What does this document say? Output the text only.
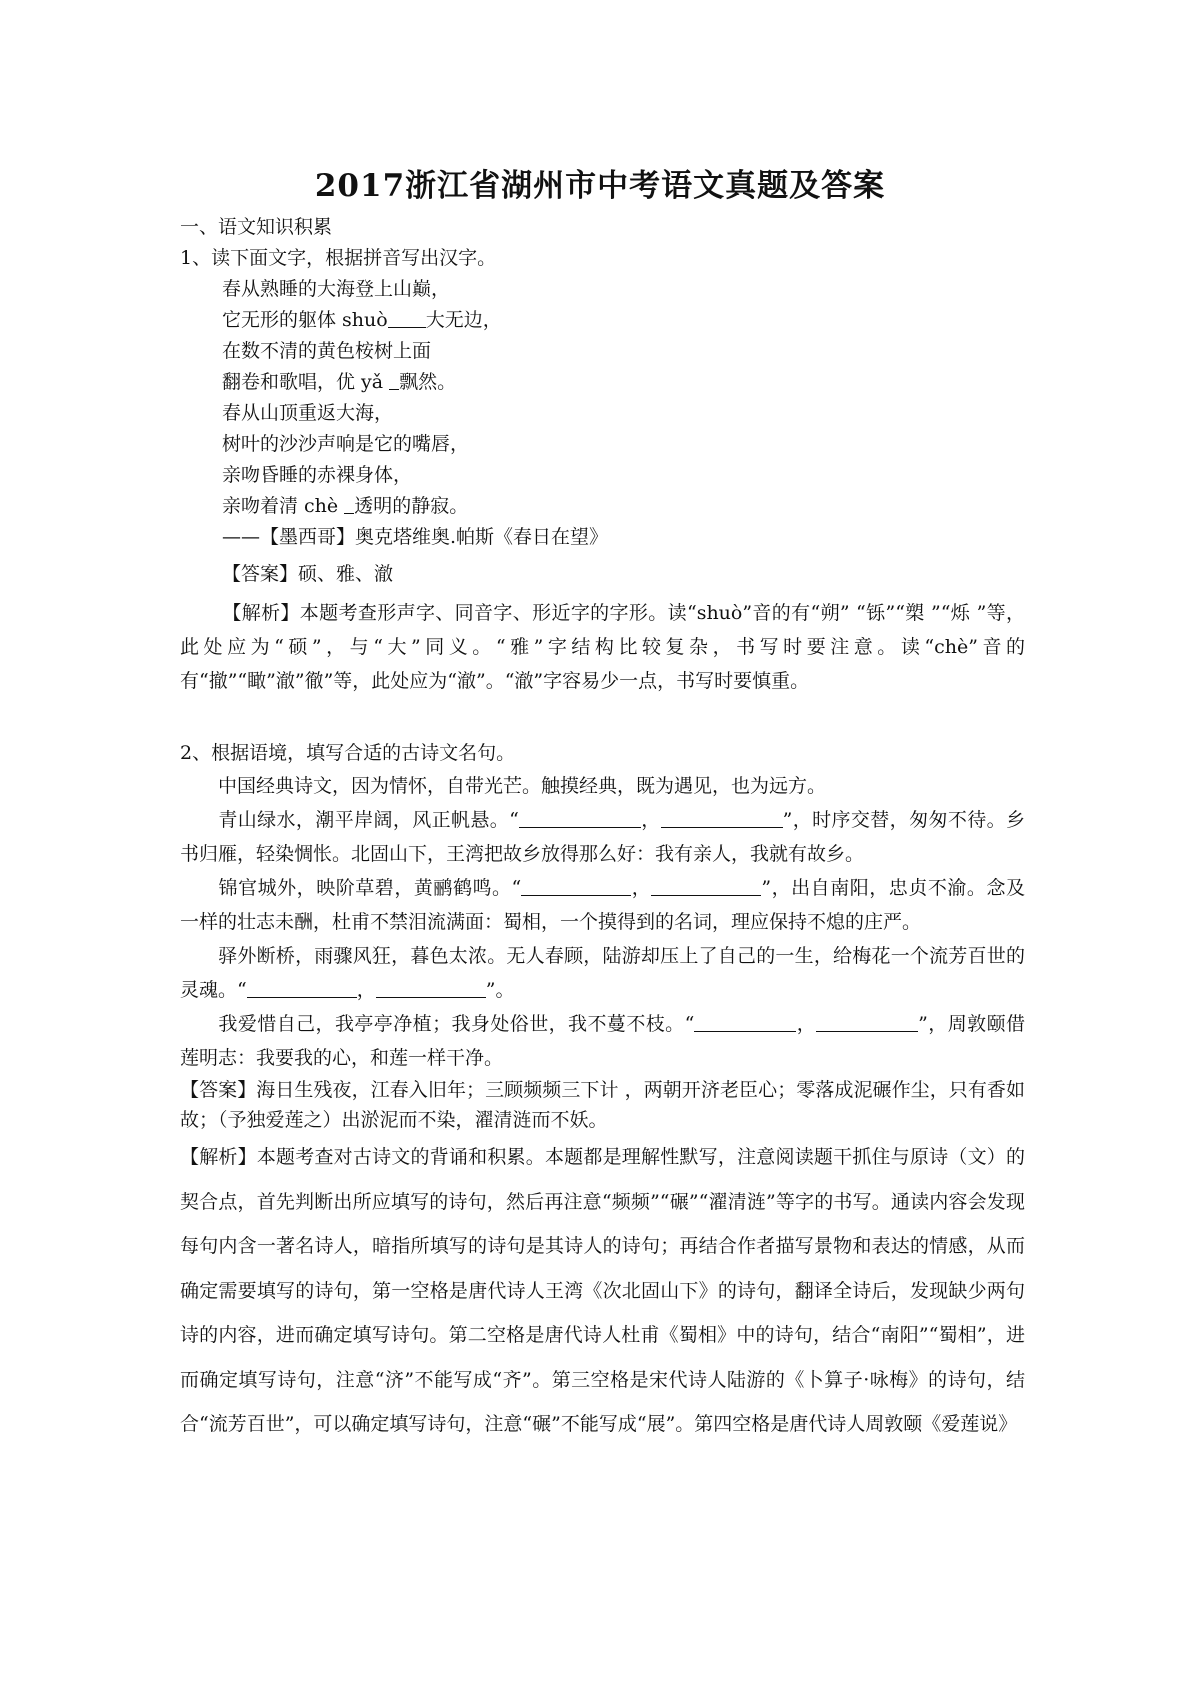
2017浙江省湖州市中考语文真题及答案
一、语文知识积累
1、读下面文字，根据拼音写出汉字。
春从熟睡的大海登上山巅，
它无形的躯体 shuò 大无边，
在数不清的黄色桉树上面
翻卷和歌唱，优 yǎ 飘然。
春从山顶重返大海，
树叶的沙沙声响是它的嘴唇，
亲吻昏睡的赤裸身体，
亲吻着清 chè 透明的静寂。
——【墨西哥】奥克塔维奥.帕斯《春日在望》
【答案】硕、雅、澈
【解析】本题考查形声字、同音字、形近字的字形。读“shuò”音的有“朔” “铄”“槊 ”“烁 ”等，此处应为“硕”，与“大”同义。“雅”字结构比较复杂，书写时要注意。读“chè”音的有“撤”“瞰”澈”徹”等，此处应为“澈”。“澈”字容易少一点，书写时要慎重。
2、根据语境，填写合适的古诗文名句。
中国经典诗文，因为情怀，自带光芒。触摸经典，既为遇见，也为远方。
青山绿水，潮平岸阔，风正帆悬。“	，	”，时序交替，匆匆不待。乡书归雁，轻染惆怅。北固山下，王湾把故乡放得那么好：我有亲人，我就有故乡。
锦官城外，映阶草碧，黄鹂鹤鸣。“	，	”，出自南阳，忠贞不渝。念及一样的壮志未酬，杜甫不禁泪流满面：蜀相，一个摸得到的名词，理应保持不熄的庄严。
驿外断桥，雨骤风狂，暮色太浓。无人春顾，陆游却压上了自己的一生，给梅花一个流芳百世的灵魂。“	，	”。
我爱惜自己，我亭亭净植；我身处俗世，我不蔓不枝。“	，	”，周敦颐借莲明志：我要我的心，和莲一样干净。
【答案】海日生残夜，江春入旧年；三顾频频三下计 ，两朝开济老臣心；零落成泥碾作尘，只有香如故；（予独爱莲之）出淤泥而不染，濯清涟而不妖。
【解析】本题考查对古诗文的背诵和积累。本题都是理解性默写，注意阅读题干抓住与原诗（文）的契合点，首先判断出所应填写的诗句，然后再注意“频频”“碾”“濯清涟”等字的书写。通读内容会发现每句内含一著名诗人，暗指所填写的诗句是其诗人的诗句；再结合作者描写景物和表达的情感，从而确定需要填写的诗句，第一空格是唐代诗人王湾《次北固山下》的诗句，翻译全诗后，发现缺少两句诗的内容，进而确定填写诗句。第二空格是唐代诗人杜甫《蜀相》中的诗句，结合“南阳”“蜀相”，进而确定填写诗句，注意“济”不能写成“齐”。第三空格是宋代诗人陆游的《卜算子·咏梅》的诗句，结合“流芳百世”，可以确定填写诗句，注意“碾”不能写成“展”。第四空格是唐代诗人周敦颐《爱莲说》
